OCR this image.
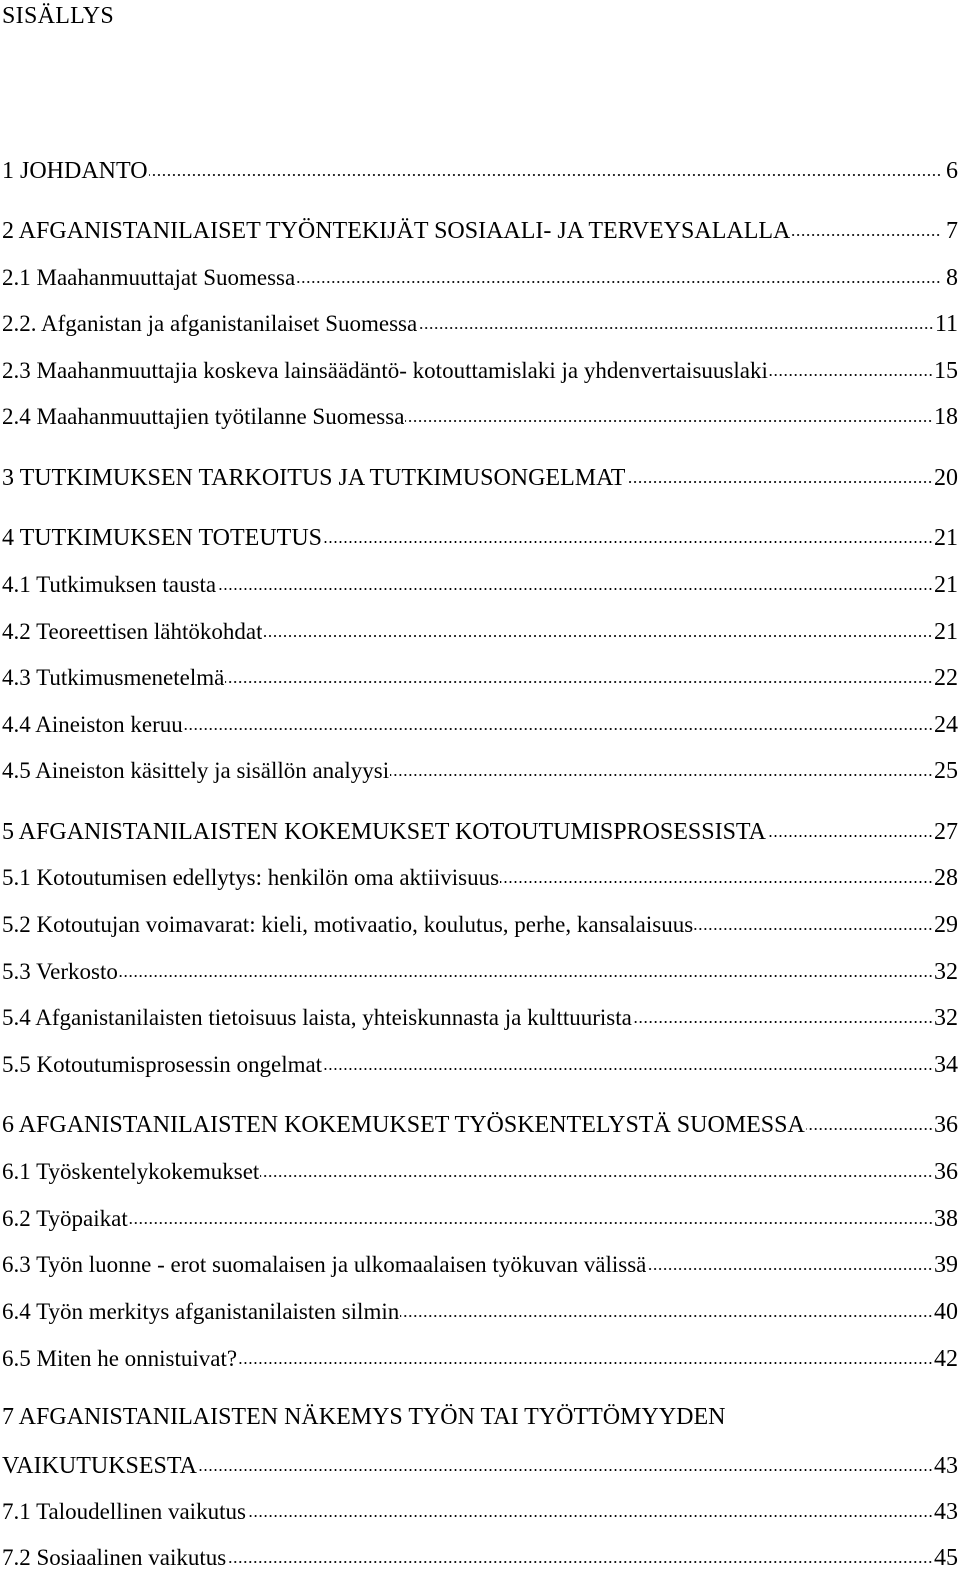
SISÄLLYS
1 JOHDANTO	6
2 AFGANISTANILAISET TYÖNTEKIJÄT SOSIAALI- JA TERVEYSALALLA	7
2.1 Maahanmuuttajat Suomessa	8
2.2. Afganistan ja afganistanilaiset Suomessa	11
2.3 Maahanmuuttajia koskeva lainsäädäntö- kotouttamislaki ja yhdenvertaisuuslaki	15
2.4 Maahanmuuttajien työtilanne Suomessa	18
3 TUTKIMUKSEN TARKOITUS JA TUTKIMUSONGELMAT	20
4 TUTKIMUKSEN TOTEUTUS	21
4.1 Tutkimuksen tausta	21
4.2 Teoreettisen lähtökohdat	21
4.3 Tutkimusmenetelmä	22
4.4 Aineiston keruu	24
4.5 Aineiston käsittely ja sisällön analyysi	25
5 AFGANISTANILAISTEN KOKEMUKSET KOTOUTUMISPROSESSISTA	27
5.1 Kotoutumisen edellytys: henkilön oma aktiivisuus	28
5.2 Kotoutujan voimavarat: kieli, motivaatio, koulutus, perhe, kansalaisuus	29
5.3 Verkosto	32
5.4 Afganistanilaisten tietoisuus laista, yhteiskunnasta ja kulttuurista	32
5.5 Kotoutumisprosessin ongelmat	34
6 AFGANISTANILAISTEN KOKEMUKSET TYÖSKENTELYSTÄ SUOMESSA	36
6.1 Työskentelykokemukset	36
6.2 Työpaikat	38
6.3 Työn luonne - erot suomalaisen ja ulkomaalaisen työkuvan välissä	39
6.4 Työn merkitys afganistanilaisten silmin	40
6.5 Miten he onnistuivat?	42
7 AFGANISTANILAISTEN NÄKEMYS TYÖN TAI TYÖTTÖMYYDEN
VAIKUTUKSESTA	43
7.1 Taloudellinen vaikutus	43
7.2 Sosiaalinen vaikutus	45
